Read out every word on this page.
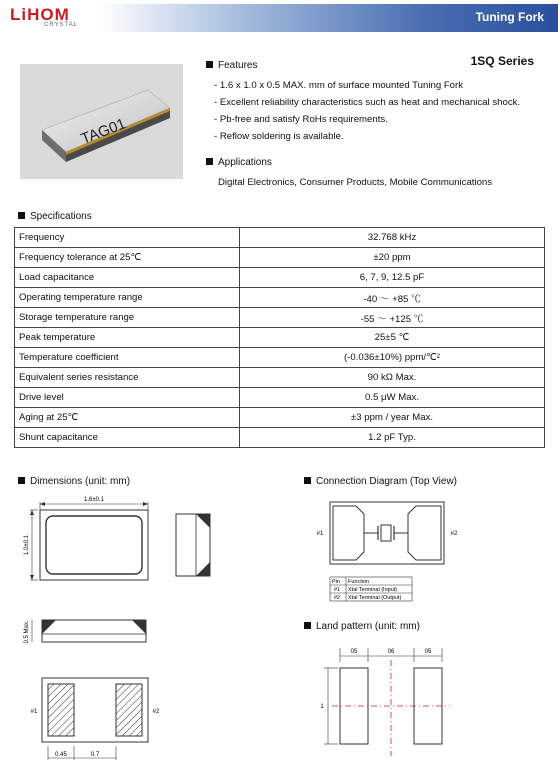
LiHOM
CRYSTAL
Tuning Fork
1SQ Series
TAG01
Features
- 1.6 x 1.0 x 0.5 MAX. mm of surface mounted Tuning Fork
- Excellent reliability characteristics such as heat and mechanical shock.
- Pb-free and satisfy RoHs requirements.
- Reflow soldering is available.
Applications
Digital Electronics, Consumer Products, Mobile Communications
Specifications
Frequency	32.768 kHz
Frequency tolerance at 25℃	±20 ppm
Load capacitance	6, 7, 9, 12.5 pF
Operating temperature range	-40 ～ +85 ℃
Storage temperature range	-55 ～ +125 ℃
Peak temperature	25±5 ℃
Temperature coefficient	(-0.036±10%) ppm/℃²
Equivalent series resistance	90 kΩ Max.
Drive level	0.5 μW Max.
Aging at 25℃	±3 ppm / year Max.
Shunt capacitance	1.2 pF Typ.
Dimensions (unit: mm)
1.6±0.1
1.0±0.1
0.5 Max.
#1	#2
0.45	0.7
Connection Diagram (Top View)
#1	#2
Pin Function
#1 Xtal Terminal (Input)
#2 Xtal Terminal (Output)
Land pattern (unit: mm)
05	06	05
1
